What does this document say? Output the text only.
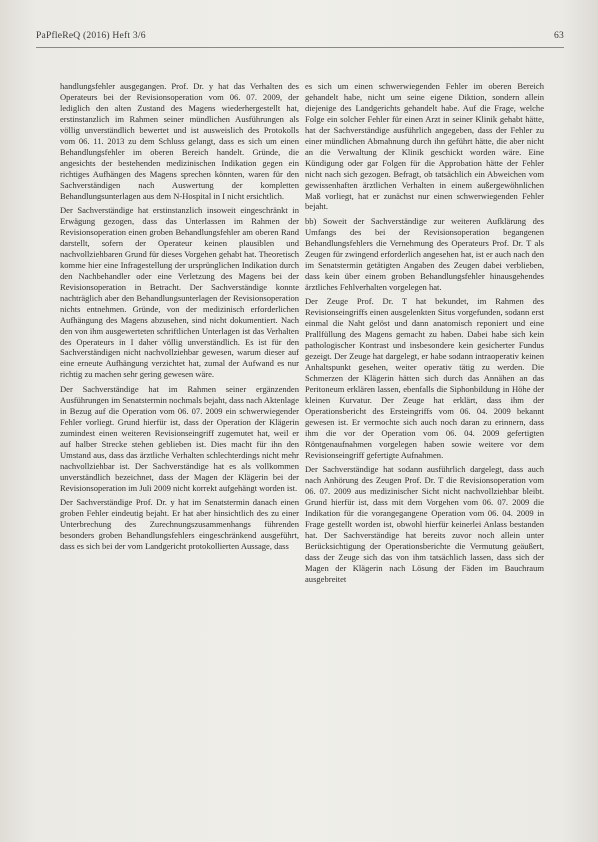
PaPfleReQ (2016) Heft 3/6	63

handlungsfehler ausgegangen. Prof. Dr. y hat das Verhalten des Operateurs bei der Revisionsoperation vom 06. 07. 2009, der lediglich den alten Zustand des Magens wiederhergestellt hat, erstinstanzlich im Rahmen seiner mündlichen Ausführungen als völlig unverständlich bewertet und ist ausweislich des Protokolls vom 06. 11. 2013 zu dem Schluss gelangt, dass es sich um einen Behandlungsfehler im oberen Bereich handelt. Gründe, die angesichts der bestehenden medizinischen Indikation gegen ein richtiges Aufhängen des Magens sprechen könnten, waren für den Sachverständigen nach Auswertung der kompletten Behandlungsunterlagen aus dem N-Hospital in I nicht ersichtlich.

Der Sachverständige hat erstinstanzlich insoweit eingeschränkt in Erwägung gezogen, dass das Unterlassen im Rahmen der Revisionsoperation einen groben Behandlungsfehler am oberen Rand darstellt, sofern der Operateur keinen plausiblen und nachvollziehbaren Grund für dieses Vorgehen gehabt hat. Theoretisch komme hier eine Infragestellung der ursprünglichen Indikation durch den Nachbehandler oder eine Verletzung des Magens bei der Revisionsoperation in Betracht. Der Sachverständige konnte nachträglich aber den Behandlungsunterlagen der Revisionsoperation nichts entnehmen. Gründe, von der medizinisch erforderlichen Aufhängung des Magens abzusehen, sind nicht dokumentiert. Nach den von ihm ausgewerteten schriftlichen Unterlagen ist das Verhalten des Operateurs in I daher völlig unverständlich. Es ist für den Sachverständigen nicht nachvollziehbar gewesen, warum dieser auf eine erneute Aufhängung verzichtet hat, zumal der Aufwand es nur richtig zu machen sehr gering gewesen wäre.

Der Sachverständige hat im Rahmen seiner ergänzenden Ausführungen im Senatstermin nochmals bejaht, dass nach Aktenlage in Bezug auf die Operation vom 06. 07. 2009 ein schwerwiegender Fehler vorliegt. Grund hierfür ist, dass der Operation der Klägerin zumindest einen weiteren Revisionseingriff zugemutet hat, weil er auf halber Strecke stehen geblieben ist. Dies macht für ihn den Umstand aus, dass das ärztliche Verhalten schlechterdings nicht mehr nachvollziehbar ist. Der Sachverständige hat es als vollkommen unverständlich bezeichnet, dass der Magen der Klägerin bei der Revisionsoperation im Juli 2009 nicht korrekt aufgehängt worden ist.

Der Sachverständige Prof. Dr. y hat im Senatstermin danach einen groben Fehler eindeutig bejaht. Er hat aber hinsichtlich des zu einer Unterbrechung des Zurechnungszusammenhangs führenden besonders groben Behandlungsfehlers eingeschränkend ausgeführt, dass es sich bei der vom Landgericht protokollierten Aussage, dass

es sich um einen schwerwiegenden Fehler im oberen Bereich gehandelt habe, nicht um seine eigene Diktion, sondern allein diejenige des Landgerichts gehandelt habe. Auf die Frage, welche Folge ein solcher Fehler für einen Arzt in seiner Klinik gehabt hätte, hat der Sachverständige ausführlich angegeben, dass der Fehler zu einer mündlichen Abmahnung durch ihn geführt hätte, die aber nicht an die Verwaltung der Klinik geschickt worden wäre. Eine Kündigung oder gar Folgen für die Approbation hätte der Fehler nicht nach sich gezogen. Befragt, ob tatsächlich ein Abweichen vom gewissenhaften ärztlichen Verhalten in einem außergewöhnlichen Maß vorliegt, hat er zunächst nur einen schwerwiegenden Fehler bejaht.

bb) Soweit der Sachverständige zur weiteren Aufklärung des Umfangs des bei der Revisionsoperation begangenen Behandlungsfehlers die Vernehmung des Operateurs Prof. Dr. T als Zeugen für zwingend erforderlich angesehen hat, ist er auch nach den im Senatstermin getätigten Angaben des Zeugen dabei verblieben, dass kein über einem groben Behandlungsfehler hinausgehendes ärztliches Fehlverhalten vorgelegen hat.

Der Zeuge Prof. Dr. T hat bekundet, im Rahmen des Revisionseingriffs einen ausgelenkten Situs vorgefunden, sodann erst einmal die Naht gelöst und dann anatomisch reponiert und eine Prallfüllung des Magens gemacht zu haben. Dabei habe sich kein pathologischer Kontrast und insbesondere kein gesicherter Fundus gezeigt. Der Zeuge hat dargelegt, er habe sodann intraoperativ keinen Anhaltspunkt gesehen, weiter operativ tätig zu werden. Die Schmerzen der Klägerin hätten sich durch das Annähen an das Peritoneum erklären lassen, ebenfalls die Siphonbildung in Höhe der kleinen Kurvatur. Der Zeuge hat erklärt, dass ihm der Operationsbericht des Ersteingriffs vom 06. 04. 2009 bekannt gewesen ist. Er vermochte sich auch noch daran zu erinnern, dass ihm die vor der Operation vom 06. 04. 2009 gefertigten Röntgenaufnahmen vorgelegen haben sowie weitere vor dem Revisionseingriff gefertigte Aufnahmen.

Der Sachverständige hat sodann ausführlich dargelegt, dass auch nach Anhörung des Zeugen Prof. Dr. T die Revisionsoperation vom 06. 07. 2009 aus medizinischer Sicht nicht nachvollziehbar bleibt. Grund hierfür ist, dass mit dem Vorgehen vom 06. 07. 2009 die Indikation für die vorangegangene Operation vom 06. 04. 2009 in Frage gestellt worden ist, obwohl hierfür keinerlei Anlass bestanden hat. Der Sachverständige hat bereits zuvor noch allein unter Berücksichtigung der Operationsberichte die Vermutung geäußert, dass der Zeuge sich das von ihm tatsächlich lassen, dass sich der Magen der Klägerin nach Lösung der Fäden im Bauchraum ausgebreitet
